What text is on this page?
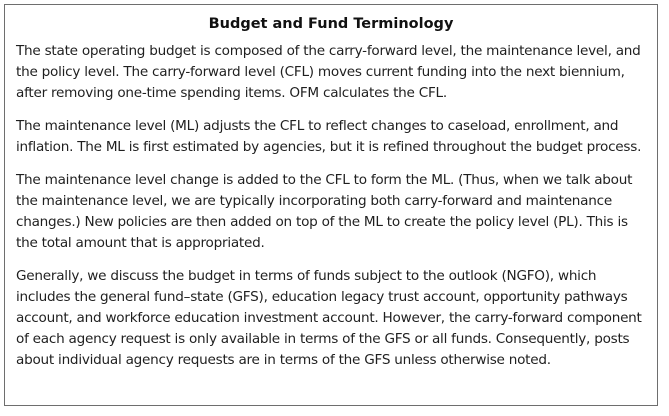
Budget and Fund Terminology

The state operating budget is composed of the carry-forward level, the maintenance level, and the policy level. The carry-forward level (CFL) moves current funding into the next biennium, after removing one-time spending items. OFM calculates the CFL.

The maintenance level (ML) adjusts the CFL to reflect changes to caseload, enrollment, and inflation. The ML is first estimated by agencies, but it is refined throughout the budget process.

The maintenance level change is added to the CFL to form the ML. (Thus, when we talk about the maintenance level, we are typically incorporating both carry-forward and maintenance changes.) New policies are then added on top of the ML to create the policy level (PL). This is the total amount that is appropriated.

Generally, we discuss the budget in terms of funds subject to the outlook (NGFO), which includes the general fund–state (GFS), education legacy trust account, opportunity pathways account, and workforce education investment account. However, the carry-forward component of each agency request is only available in terms of the GFS or all funds. Consequently, posts about individual agency requests are in terms of the GFS unless otherwise noted.
